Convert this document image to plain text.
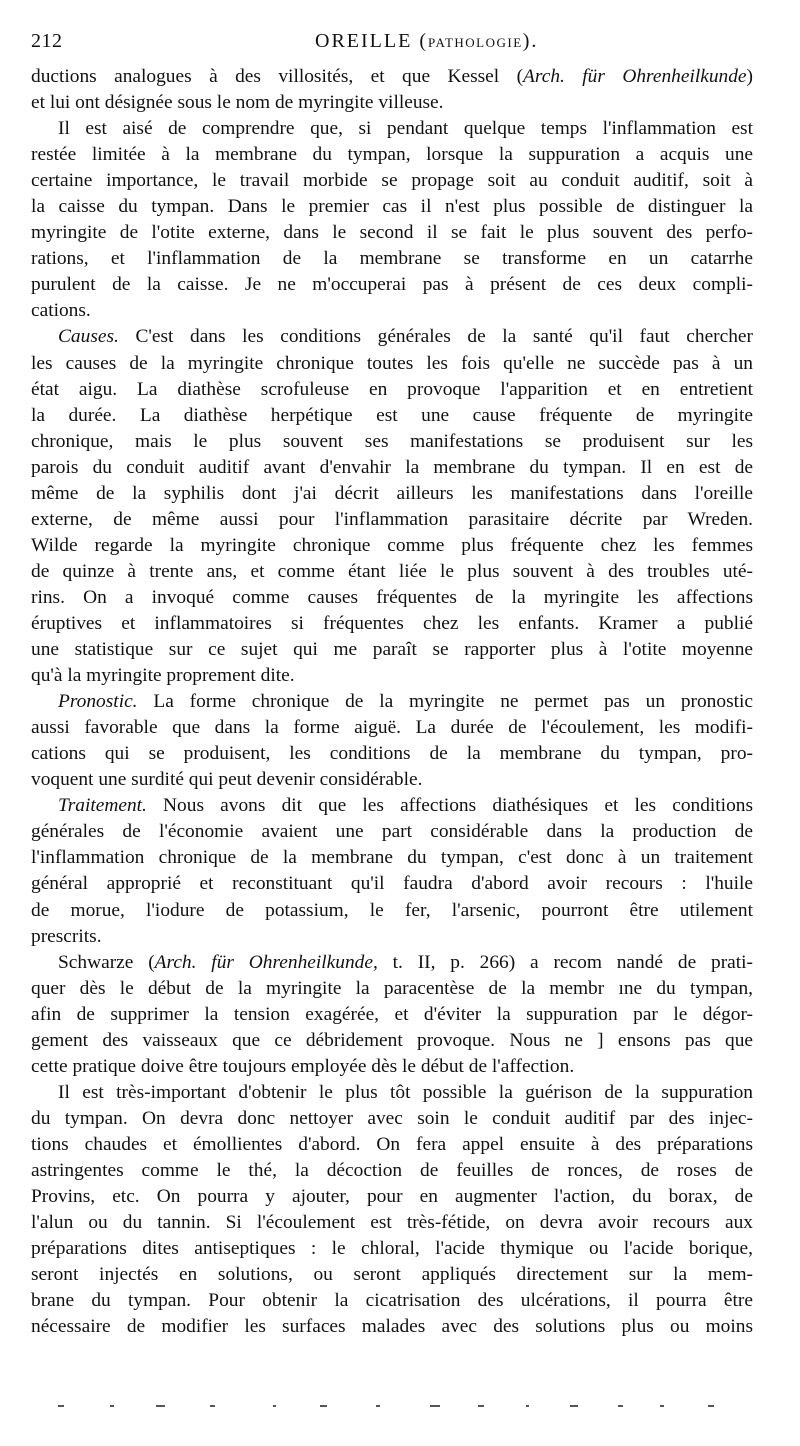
212	OREILLE (PATHOLOGIE).
ductions analogues à des villosités, et que Kessel (Arch. für Ohrenheilkunde)
et lui ont désignée sous le nom de myringite villeuse.
Il est aisé de comprendre que, si pendant quelque temps l'inflammation est
restée limitée à la membrane du tympan, lorsque la suppuration a acquis une
certaine importance, le travail morbide se propage soit au conduit auditif, soit à
la caisse du tympan. Dans le premier cas il n'est plus possible de distinguer la
myringite de l'otite externe, dans le second il se fait le plus souvent des perfo-
rations, et l'inflammation de la membrane se transforme en un catarrhe
purulent de la caisse. Je ne m'occuperai pas à présent de ces deux compli-
cations.
Causes. C'est dans les conditions générales de la santé qu'il faut chercher
les causes de la myringite chronique toutes les fois qu'elle ne succède pas à un
état aigu. La diathèse scrofuleuse en provoque l'apparition et en entretient
la durée. La diathèse herpétique est une cause fréquente de myringite
chronique, mais le plus souvent ses manifestations se produisent sur les
parois du conduit auditif avant d'envahir la membrane du tympan. Il en est de
même de la syphilis dont j'ai décrit ailleurs les manifestations dans l'oreille
externe, de même aussi pour l'inflammation parasitaire décrite par Wreden.
Wilde regarde la myringite chronique comme plus fréquente chez les femmes
de quinze à trente ans, et comme étant liée le plus souvent à des troubles uté-
rins. On a invoqué comme causes fréquentes de la myringite les affections
éruptives et inflammatoires si fréquentes chez les enfants. Kramer a publié
une statistique sur ce sujet qui me paraît se rapporter plus à l'otite moyenne
qu'à la myringite proprement dite.
Pronostic. La forme chronique de la myringite ne permet pas un pronostic
aussi favorable que dans la forme aiguë. La durée de l'écoulement, les modifi-
cations qui se produisent, les conditions de la membrane du tympan, pro-
voquent une surdité qui peut devenir considérable.
Traitement. Nous avons dit que les affections diathésiques et les conditions
générales de l'économie avaient une part considérable dans la production de
l'inflammation chronique de la membrane du tympan, c'est donc à un traitement
général approprié et reconstituant qu'il faudra d'abord avoir recours : l'huile
de morue, l'iodure de potassium, le fer, l'arsenic, pourront être utilement
prescrits.
Schwarze (Arch. für Ohrenheilkunde, t. II, p. 266) a recom nandé de prati-
quer dès le début de la myringite la paracentèse de la membr ıne du tympan,
afin de supprimer la tension exagérée, et d'éviter la suppuration par le dégor-
gement des vaisseaux que ce débridement provoque. Nous ne ] ensons pas que
cette pratique doive être toujours employée dès le début de l'affection.
Il est très-important d'obtenir le plus tôt possible la guérison de la suppuration
du tympan. On devra donc nettoyer avec soin le conduit auditif par des injec-
tions chaudes et émollientes d'abord. On fera appel ensuite à des préparations
astringentes comme le thé, la décoction de feuilles de ronces, de roses de
Provins, etc. On pourra y ajouter, pour en augmenter l'action, du borax, de
l'alun ou du tannin. Si l'écoulement est très-fétide, on devra avoir recours aux
préparations dites antiseptiques : le chloral, l'acide thymique ou l'acide borique,
seront injectés en solutions, ou seront appliqués directement sur la mem-
brane du tympan. Pour obtenir la cicatrisation des ulcérations, il pourra être
nécessaire de modifier les surfaces malades avec des solutions plus ou moins
